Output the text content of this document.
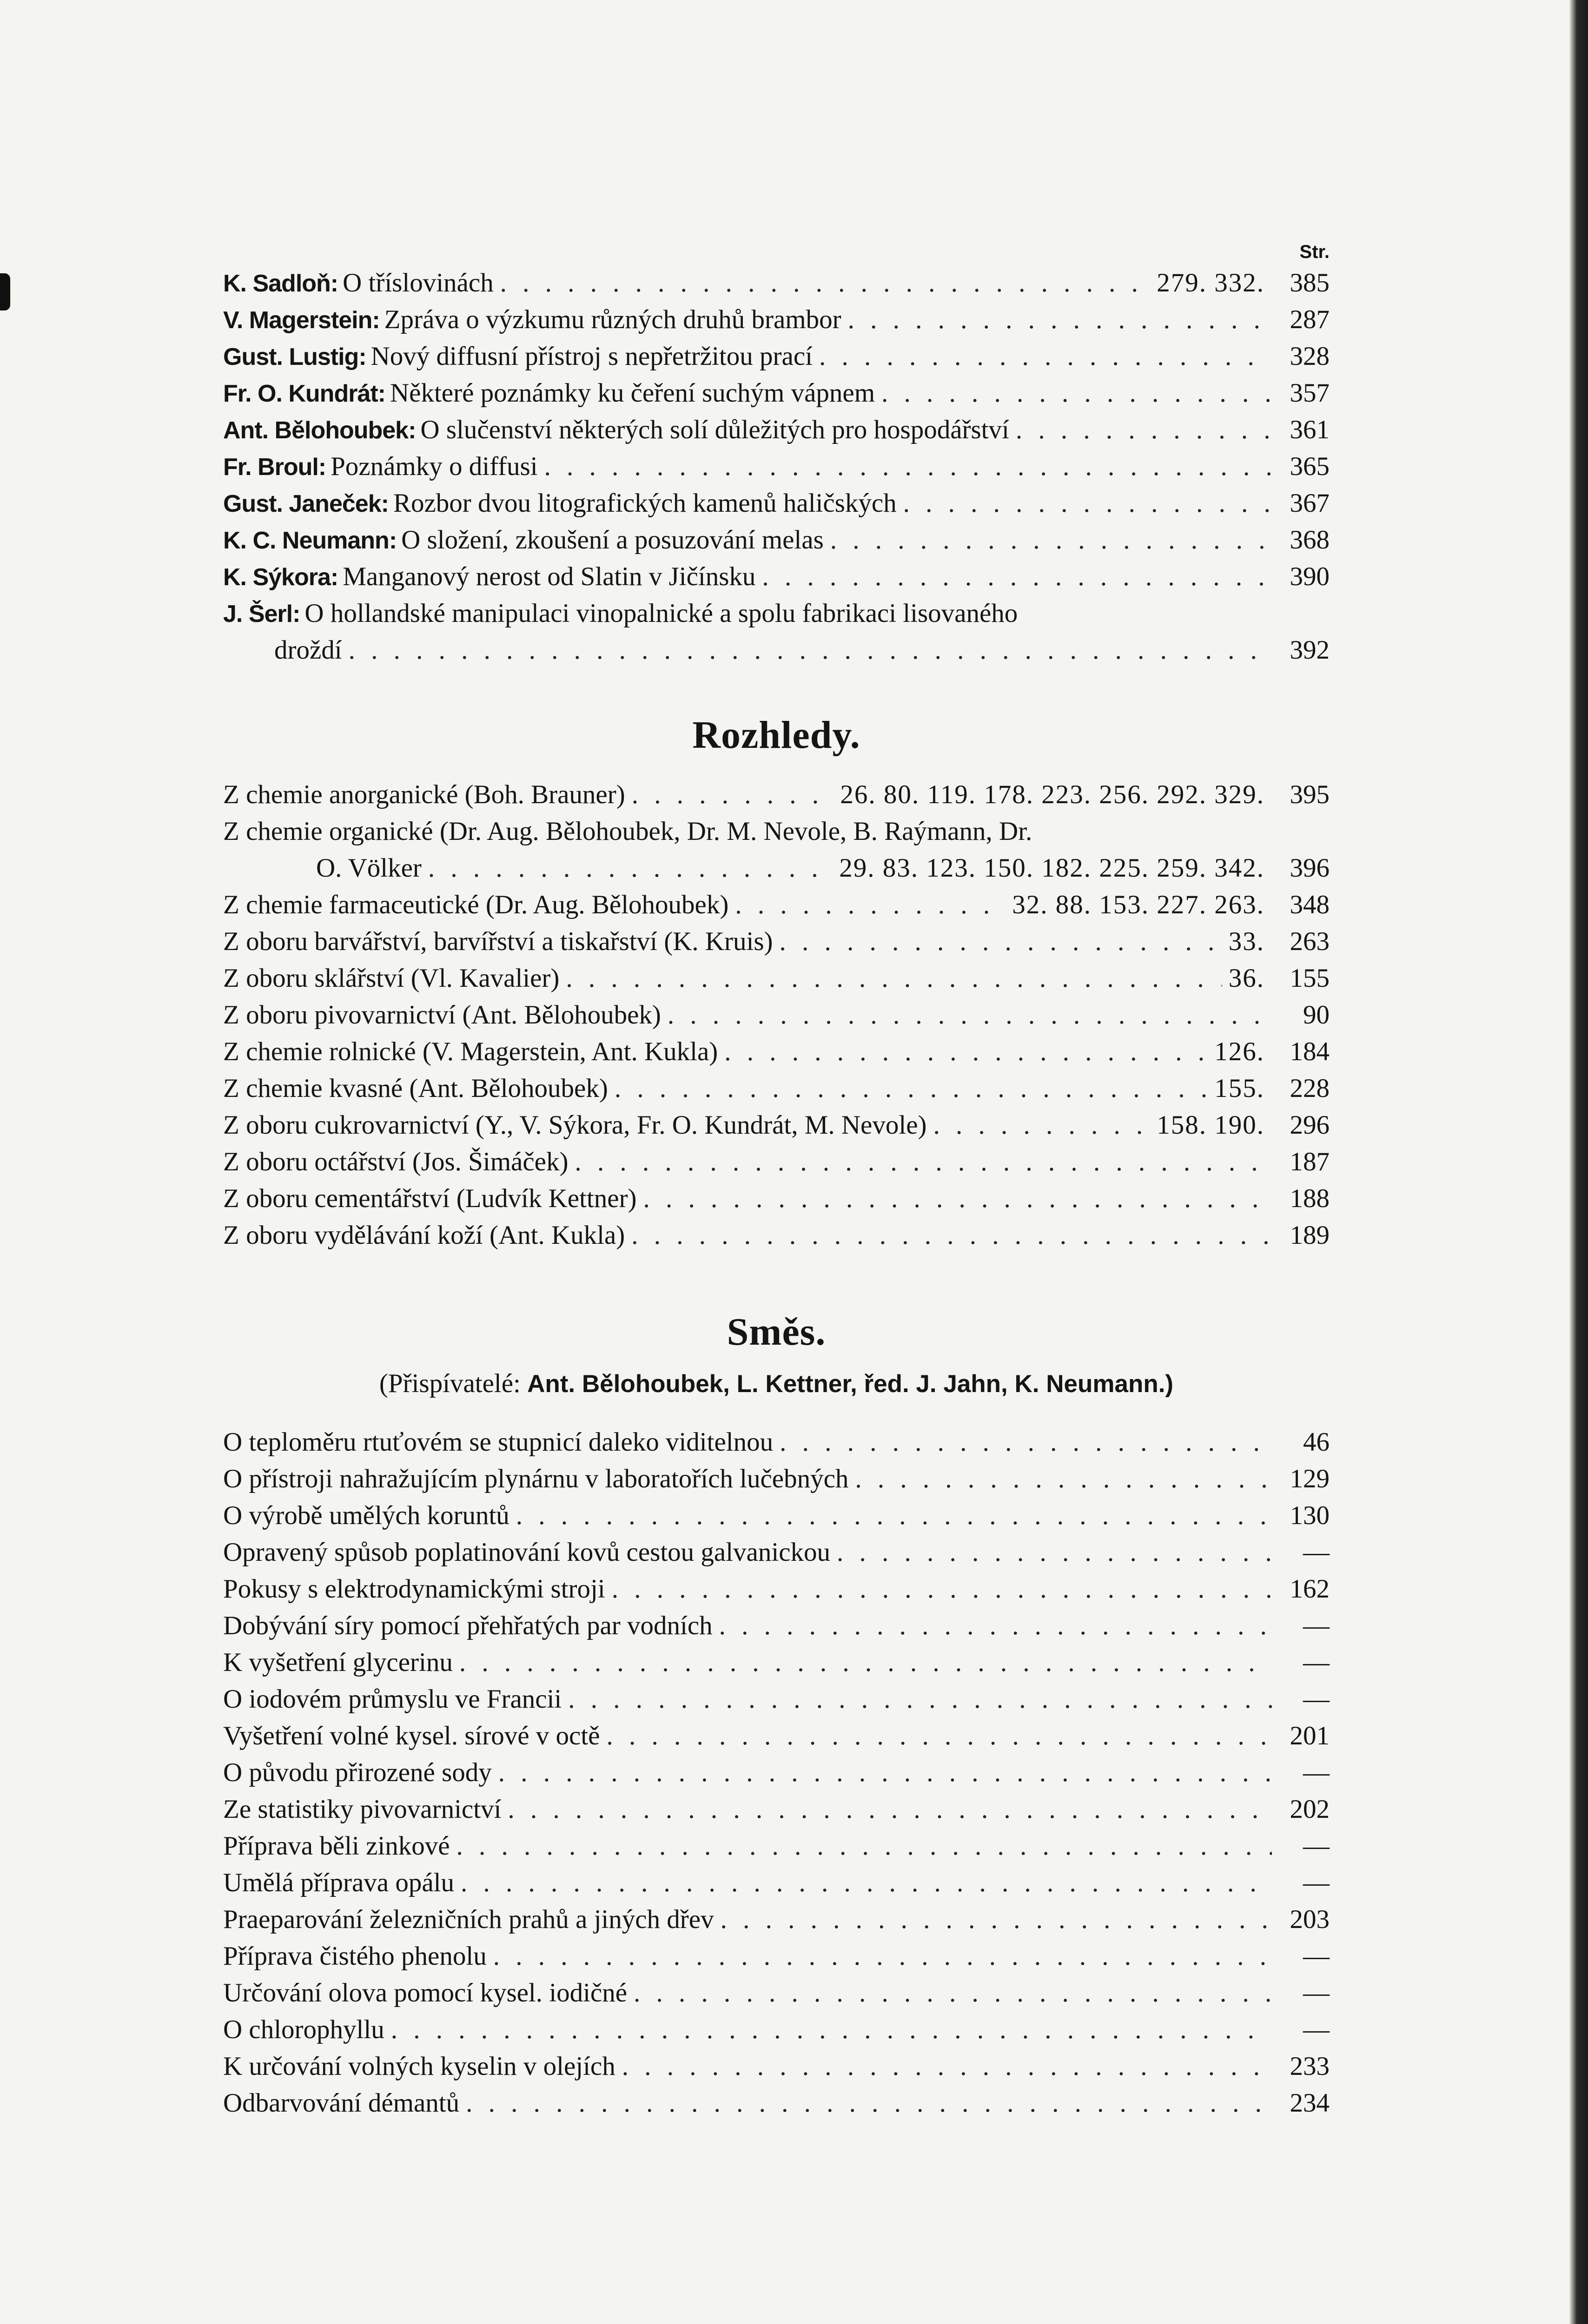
Str.
K. Sadloň: O tříslovinách . . .	279. 332. 385
V. Magerstein: Zpráva o výzkumu různých druhů brambor . . .	287
Gust. Lustig: Nový diffusní přístroj s nepřetržitou prací . . .	328
Fr. O. Kundrát: Některé poznámky ku čeření suchým vápnem . . .	357
Ant. Bělohoubek: O slučenství některých solí důležitých pro hospodářství . . .	361
Fr. Broul: Poznámky o diffusi . . .	365
Gust. Janeček: Rozbor dvou litografických kamenů haličských . . .	367
K. C. Neumann: O složení, zkoušení a posuzování melas . . .	368
K. Sýkora: Manganový nerost od Slatin v Jičínsku . . .	390
J. Šerl: O hollandské manipulaci vinopalnické a spolu fabrikaci lisovaného
droždí . . .	392
Rozhledy.
Z chemie anorganické (Boh. Brauner) . . .	26. 80. 119. 178. 223. 256. 292. 329. 395
Z chemie organické (Dr. Aug. Bělohoubek, Dr. M. Nevole, B. Raýmann, Dr.
O. Völker . . .	29. 83. 123. 150. 182. 225. 259. 342. 396
Z chemie farmaceutické (Dr. Aug. Bělohoubek) . . .	32. 88. 153. 227. 263. 348
Z oboru barvářství, barvířství a tiskařství (K. Kruis) . . .	33. 263
Z oboru sklářství (Vl. Kavalier) . . .	36. 155
Z oboru pivovarnictví (Ant. Bělohoubek) . . .	90
Z chemie rolnické (V. Magerstein, Ant. Kukla) . . .	126. 184
Z chemie kvasné (Ant. Bělohoubek) . . .	155. 228
Z oboru cukrovarnictví (Y., V. Sýkora, Fr. O. Kundrát, M. Nevole) . . .	158. 190. 296
Z oboru octářství (Jos. Šimáček) . . .	187
Z oboru cementářství (Ludvík Kettner) . . .	188
Z oboru vydělávání koží (Ant. Kukla) . . .	189
Směs.
(Přispívatelé: Ant. Bělohoubek, L. Kettner, řed. J. Jahn, K. Neumann.)
O teploměru rtuťovém se stupnicí daleko viditelnou . . .	46
O přístroji nahražujícím plynárnu v laboratořích lučebných . . .	129
O výrobě umělých koruntů . . .	130
Opravený spůsob poplatinování kovů cestou galvanickou . . .	—
Pokusy s elektrodynamickými stroji . . .	162
Dobývání síry pomocí přehřatých par vodních . . .	—
K vyšetření glycerinu . . .	—
O iodovém průmyslu ve Francii . . .	—
Vyšetření volné kysel. sírové v octě . . .	201
O původu přirozené sody . . .	—
Ze statistiky pivovarnictví . . .	202
Příprava běli zinkové . . .	—
Umělá příprava opálu . . .	—
Praeparování železničních prahů a jiných dřev . . .	203
Příprava čistého phenolu . . .	—
Určování olova pomocí kysel. iodičné . . .	—
O chlorophyllu . . .	—
K určování volných kyselin v olejích . . .	233
Odbarvování démantů . . .	234
